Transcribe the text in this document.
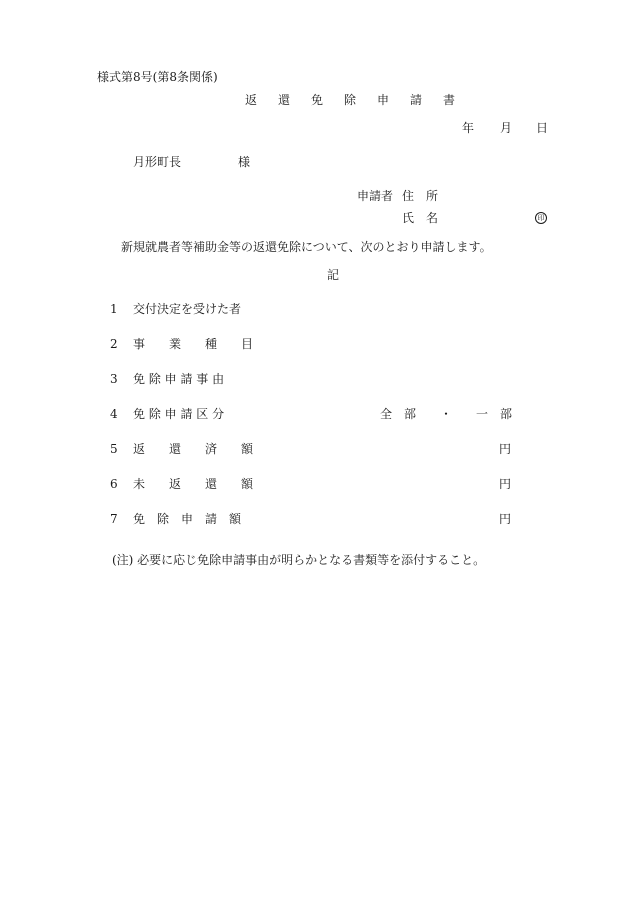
様式第8号(第8条関係)
返還免除申請書
年 月 日
月形町長	様
申請者 住　所
氏　名	印
新規就農者等補助金等の返還免除について、次のとおり申請します。
記
1 交付決定を受けた者
2 事　　業　　種　　目
3 免 除 申 請 事 由
4 免 除 申 請 区 分	全　部　　・　　一　部
5 返　　還　　済　　額	円
6 未　　返　　還　　額	円
7 免　除　申　請　額	円
(注) 必要に応じ免除申請事由が明らかとなる書類等を添付すること。
